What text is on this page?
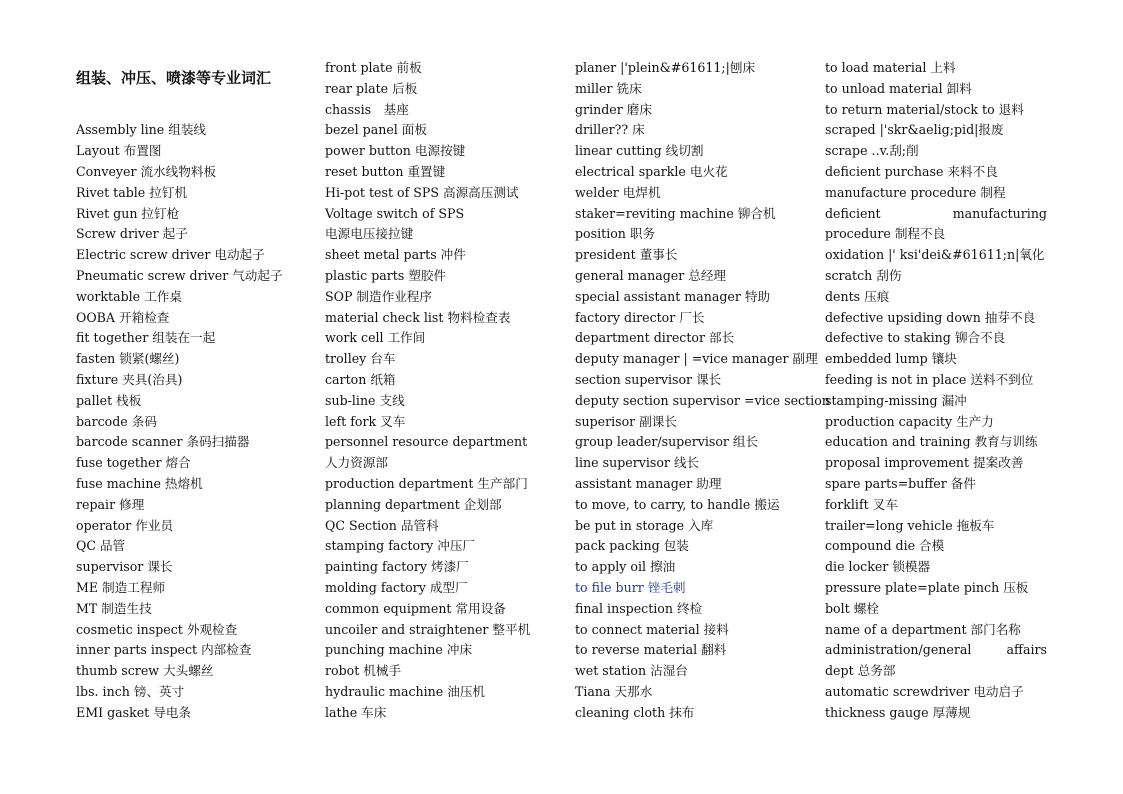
组装、冲压、喷漆等专业词汇
Assembly line 组装线
Layout 布置图
Conveyer 流水线物料板
Rivet table 拉钉机
Rivet gun 拉钉枪
Screw driver 起子
Electric screw driver 电动起子
Pneumatic screw driver 气动起子
worktable 工作桌
OOBA 开箱检查
fit together 组装在一起
fasten 锁紧(螺丝)
fixture 夹具(治具)
pallet 栈板
barcode 条码
barcode scanner 条码扫描器
fuse together 熔合
fuse machine 热熔机
repair 修理
operator 作业员
QC 品管
supervisor 课长
ME 制造工程师
MT 制造生技
cosmetic inspect 外观检查
inner parts inspect 内部检查
thumb screw 大头螺丝
lbs. inch 镑、英寸
EMI gasket 导电条
front plate 前板
rear plate 后板
chassis　基座
bezel panel 面板
power button 电源按键
reset button 重置键
Hi-pot test of SPS 高源高压测试
Voltage switch of SPS
电源电压接拉键
sheet metal parts 冲件
plastic parts 塑胶件
SOP 制造作业程序
material check list 物料检查表
work cell 工作间
trolley 台车
carton 纸箱
sub-line 支线
left fork 叉车
personnel resource department
人力资源部
production department 生产部门
planning department 企划部
QC Section 品管科
stamping factory 冲压厂
painting factory 烤漆厂
molding factory 成型厂
common equipment 常用设备
uncoiler and straightener 整平机
punching machine 冲床
robot 机械手
hydraulic machine 油压机
lathe 车床
planer |'plein&#61611;|刨床
miller 铣床
grinder 磨床
driller?? 床
linear cutting 线切割
electrical sparkle 电火花
welder 电焊机
staker=reviting machine 铆合机
position 职务
president 董事长
general manager 总经理
special assistant manager 特助
factory director 厂长
department director 部长
deputy manager | =vice manager 副理
section supervisor 课长
deputy section supervisor =vice section
superisor 副课长
group leader/supervisor 组长
line supervisor 线长
assistant manager 助理
to move, to carry, to handle 搬运
be put in storage 入库
pack packing 包装
to apply oil 擦油
to file burr 锉毛刺
final inspection 终检
to connect material 接料
to reverse material 翻料
wet station 沾湿台
Tiana 天那水
cleaning cloth 抹布
to load material 上料
to unload material 卸料
to return material/stock to 退料
scraped |'skr&aelig;pid|报废
scrape ..v.刮;削
deficient purchase 来料不良
manufacture procedure 制程
deficient manufacturing procedure 制程不良
oxidation |' ksi'dei&#61611;n|氧化
scratch 刮伤
dents 压痕
defective upsiding down 抽芽不良
defective to staking 铆合不良
embedded lump 镶块
feeding is not in place 送料不到位
stamping-missing 漏冲
production capacity 生产力
education and training 教育与训练
proposal improvement 提案改善
spare parts=buffer 备件
forklift 叉车
trailer=long vehicle 拖板车
compound die 合模
die locker 锁模器
pressure plate=plate pinch 压板
bolt 螺栓
name of a department 部门名称
administration/general　affairs　dept 总务部
automatic screwdriver 电动启子
thickness gauge 厚薄规
